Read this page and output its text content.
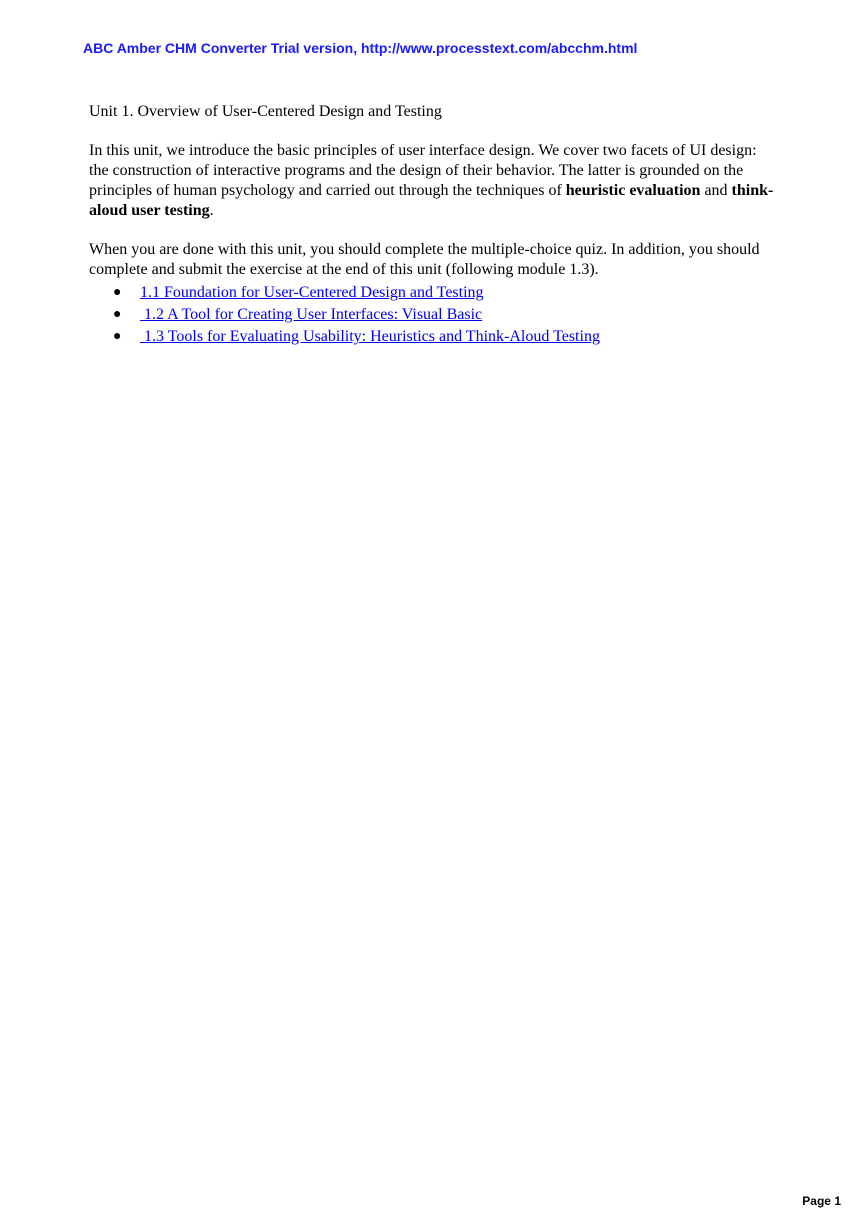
ABC Amber CHM Converter Trial version, http://www.processtext.com/abcchm.html
Unit 1. Overview of User-Centered Design and Testing

In this unit, we introduce the basic principles of user interface design. We cover two facets of UI design: the construction of interactive programs and the design of their behavior. The latter is grounded on the principles of human psychology and carried out through the techniques of heuristic evaluation and think-aloud user testing.

When you are done with this unit, you should complete the multiple-choice quiz. In addition, you should complete and submit the exercise at the end of this unit (following module 1.3).

● 1.1 Foundation for User-Centered Design and Testing
● 1.2 A Tool for Creating User Interfaces: Visual Basic
● 1.3 Tools for Evaluating Usability: Heuristics and Think-Aloud Testing
Page 1
